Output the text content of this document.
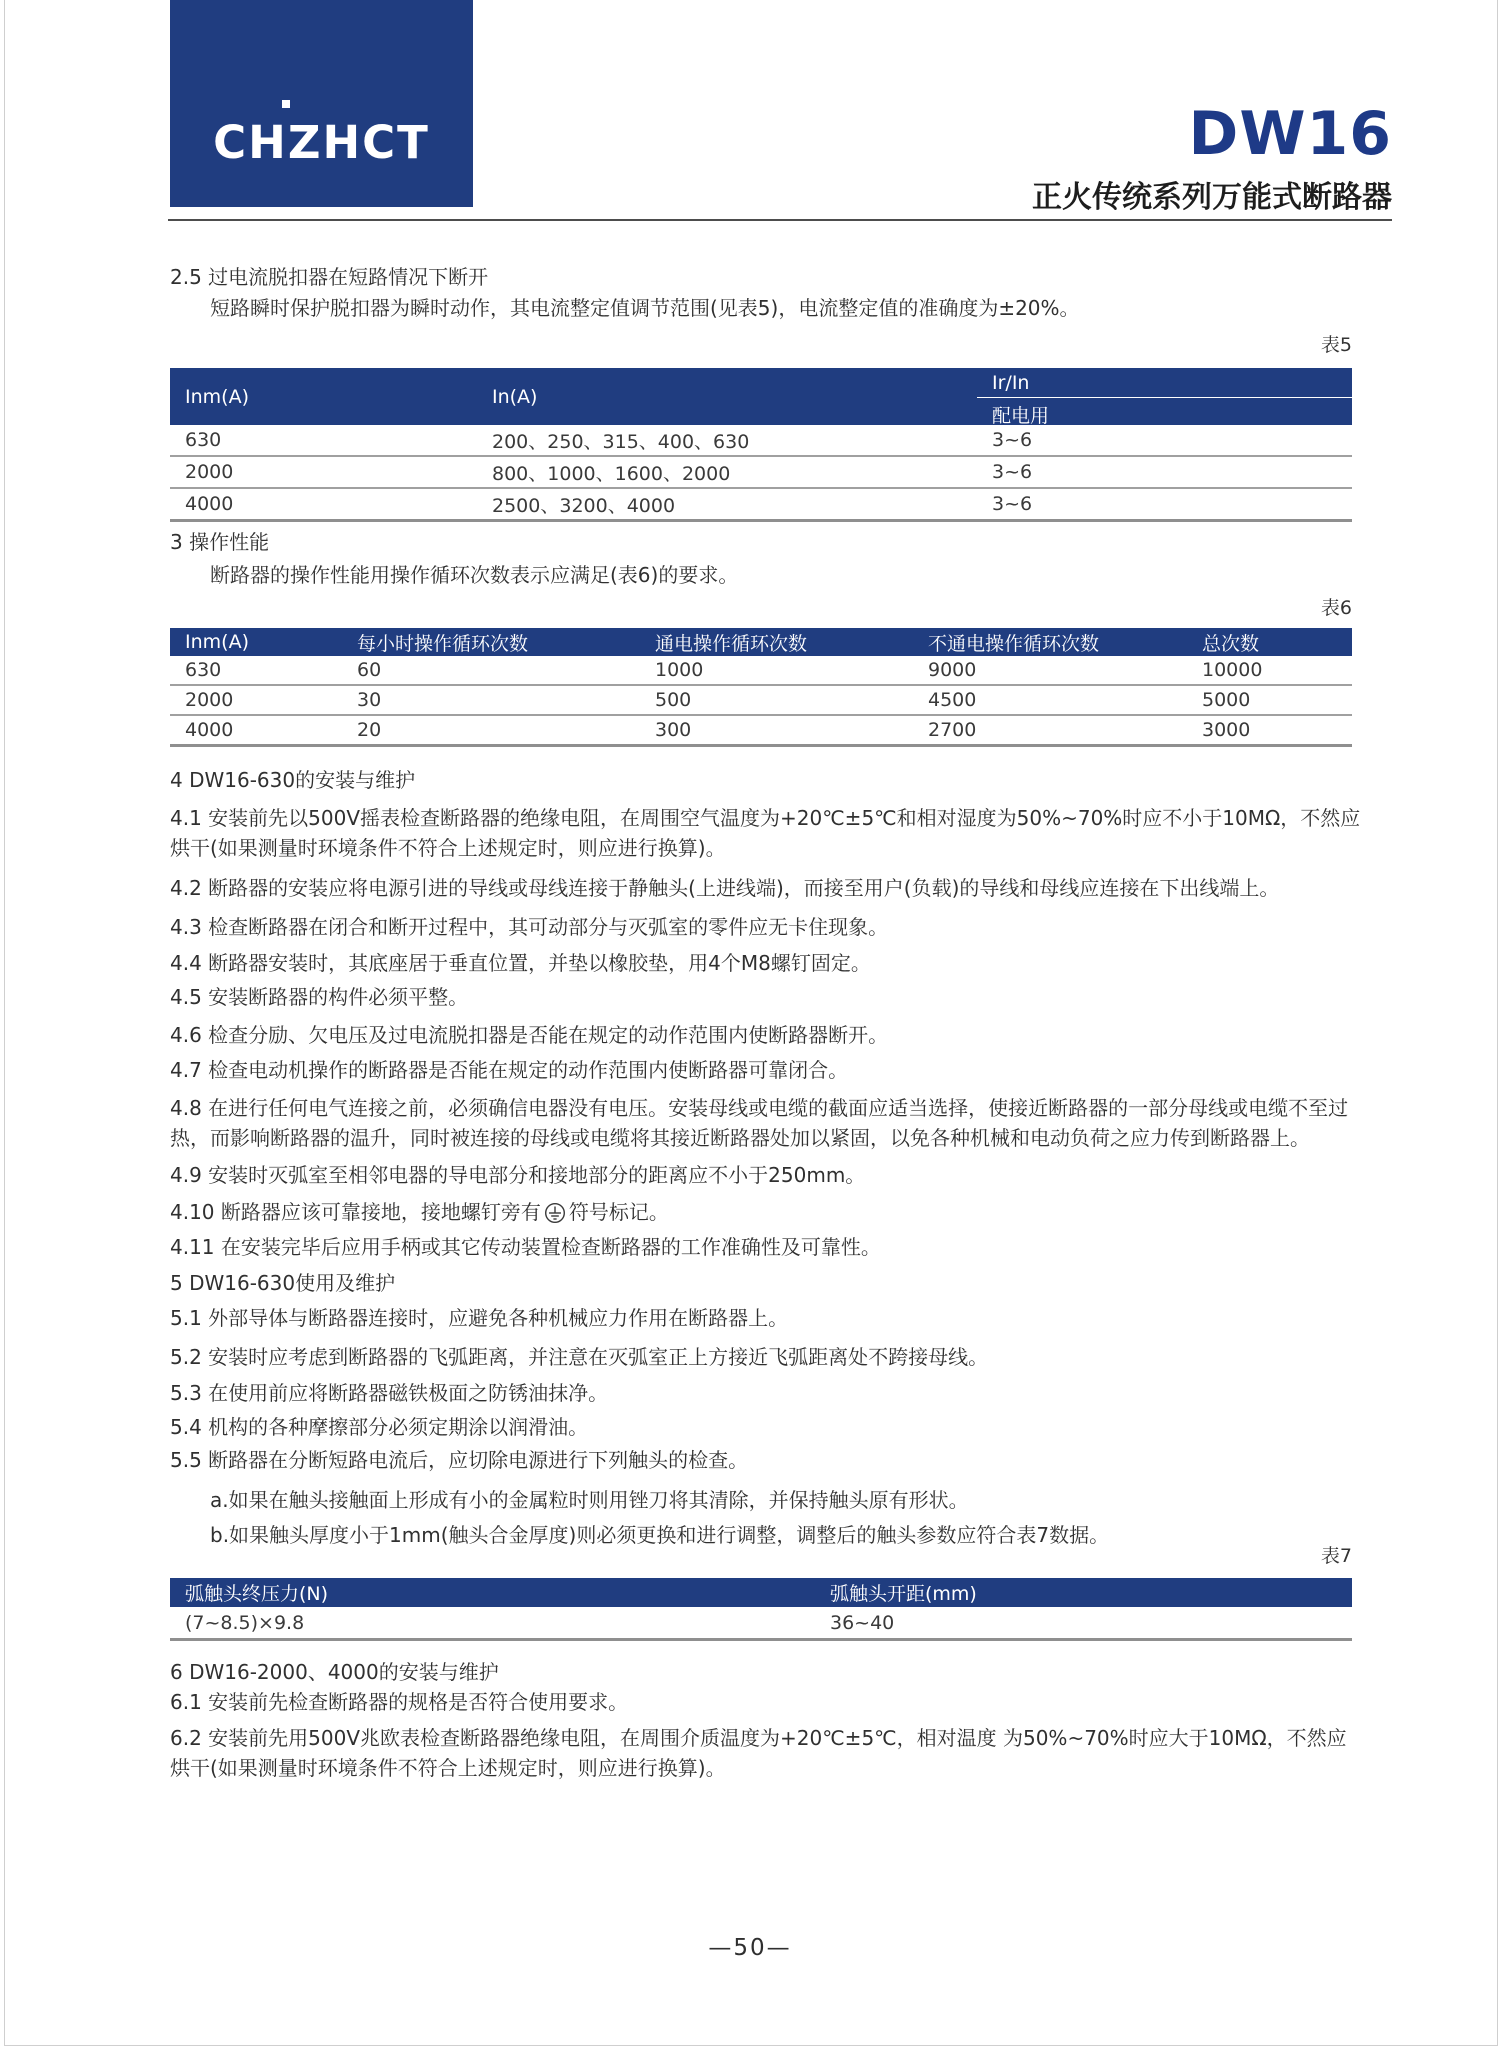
CHZHCT	DW16
正火传统系列万能式断路器
2.5 过电流脱扣器在短路情况下断开
短路瞬时保护脱扣器为瞬时动作，其电流整定值调节范围(见表5)，电流整定值的准确度为±20%。
表5
Inm(A)	In(A)
Ir/In
配电用
630	200、250、315、400、630	3~6
2000	800、1000、1600、2000	3~6
4000	2500、3200、4000	3~6
3 操作性能
断路器的操作性能用操作循环次数表示应满足(表6)的要求。
表6
Inm(A)	每小时操作循环次数	通电操作循环次数	不通电操作循环次数	总次数
630	60	1000	9000	10000
2000	30	500	4500	5000
4000	20	300	2700	3000
4 DW16-630的安装与维护
4.1 安装前先以500V摇表检查断路器的绝缘电阻，在周围空气温度为+20℃±5℃和相对湿度为50%~70%时应不小于10MΩ，不然应烘干(如果测量时环境条件不符合上述规定时，则应进行换算)。
4.2 断路器的安装应将电源引进的导线或母线连接于静触头(上进线端)，而接至用户(负载)的导线和母线应连接在下出线端上。
4.3 检查断路器在闭合和断开过程中，其可动部分与灭弧室的零件应无卡住现象。
4.4 断路器安装时，其底座居于垂直位置，并垫以橡胶垫，用4个M8螺钉固定。
4.5 安装断路器的构件必须平整。
4.6 检查分励、欠电压及过电流脱扣器是否能在规定的动作范围内使断路器断开。
4.7 检查电动机操作的断路器是否能在规定的动作范围内使断路器可靠闭合。
4.8 在进行任何电气连接之前，必须确信电器没有电压。安装母线或电缆的截面应适当选择，使接近断路器的一部分母线或电缆不至过热，而影响断路器的温升，同时被连接的母线或电缆将其接近断路器处加以紧固，以免各种机械和电动负荷之应力传到断路器上。
4.9 安装时灭弧室至相邻电器的导电部分和接地部分的距离应不小于250mm。
4.10 断路器应该可靠接地，接地螺钉旁有 符号标记。
4.11 在安装完毕后应用手柄或其它传动装置检查断路器的工作准确性及可靠性。
5 DW16-630使用及维护
5.1 外部导体与断路器连接时，应避免各种机械应力作用在断路器上。
5.2 安装时应考虑到断路器的飞弧距离，并注意在灭弧室正上方接近飞弧距离处不跨接母线。
5.3 在使用前应将断路器磁铁极面之防锈油抹净。
5.4 机构的各种摩擦部分必须定期涂以润滑油。
5.5 断路器在分断短路电流后，应切除电源进行下列触头的检查。
a.如果在触头接触面上形成有小的金属粒时则用锉刀将其清除，并保持触头原有形状。
b.如果触头厚度小于1mm(触头合金厚度)则必须更换和进行调整，调整后的触头参数应符合表7数据。
表7
弧触头终压力(N)	弧触头开距(mm)
(7~8.5)×9.8	36~40
6 DW16-2000、4000的安装与维护
6.1 安装前先检查断路器的规格是否符合使用要求。
6.2 安装前先用500V兆欧表检查断路器绝缘电阻，在周围介质温度为+20℃±5℃，相对温度 为50%~70%时应大于10MΩ，不然应烘干(如果测量时环境条件不符合上述规定时，则应进行换算)。
—50—
